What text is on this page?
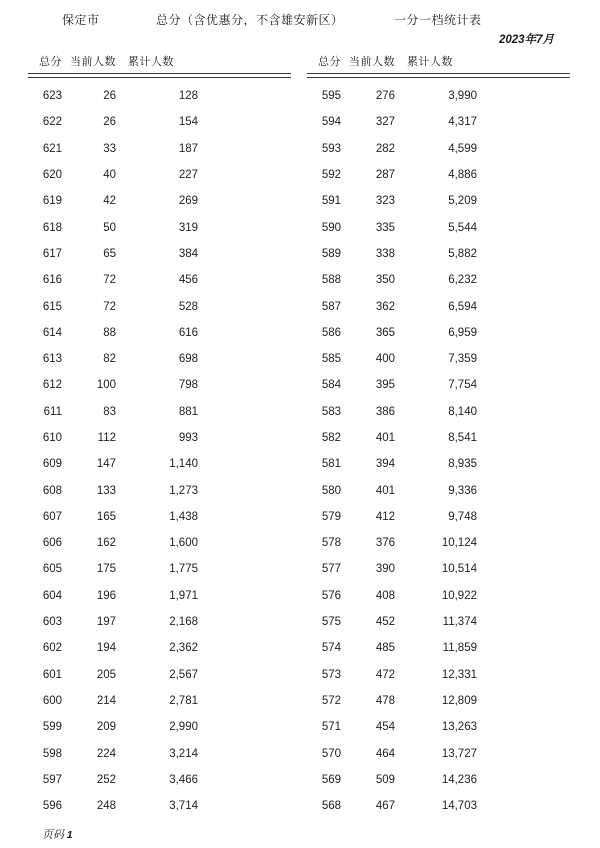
保定市	总分（含优惠分，不含雄安新区）	一分一档统计表
2023年7月
总分 当前人数	累计人数
623	26	128
622	26	154
621	33	187
620	40	227
619	42	269
618	50	319
617	65	384
616	72	456
615	72	528
614	88	616
613	82	698
612	100	798
611	83	881
610	112	993
609	147	1,140
608	133	1,273
607	165	1,438
606	162	1,600
605	175	1,775
604	196	1,971
603	197	2,168
602	194	2,362
601	205	2,567
600	214	2,781
599	209	2,990
598	224	3,214
597	252	3,466
596	248	3,714
总分 当前人数	累计人数
595	276	3,990
594	327	4,317
593	282	4,599
592	287	4,886
591	323	5,209
590	335	5,544
589	338	5,882
588	350	6,232
587	362	6,594
586	365	6,959
585	400	7,359
584	395	7,754
583	386	8,140
582	401	8,541
581	394	8,935
580	401	9,336
579	412	9,748
578	376	10,124
577	390	10,514
576	408	10,922
575	452	11,374
574	485	11,859
573	472	12,331
572	478	12,809
571	454	13,263
570	464	13,727
569	509	14,236
568	467	14,703
页码 1
